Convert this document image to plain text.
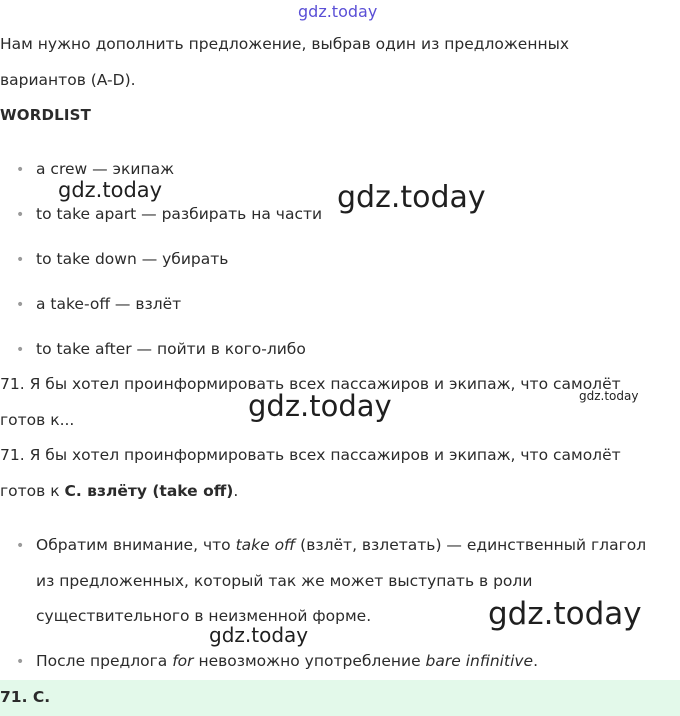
gdz.today
Нам нужно дополнить предложение, выбрав один из предложенных
вариантов (A-D).
WORDLIST
• a crew — экипаж
• to take apart — разбирать на части
• to take down — убирать
• a take-off — взлёт
• to take after — пойти в кого-либо
71. Я бы хотел проинформировать всех пассажиров и экипаж, что самолёт
готов к...
71. Я бы хотел проинформировать всех пассажиров и экипаж, что самолёт
готов к C. взлёту (take off).
• Обратим внимание, что take off (взлёт, взлетать) — единственный глагол
из предложенных, который так же может выступать в роли
существительного в неизменной форме.
• После предлога for невозможно употребление bare infinitive.
71. C.
gdz.today	gdz.today
gdz.today	gdz.today
gdz.today
gdz.today
